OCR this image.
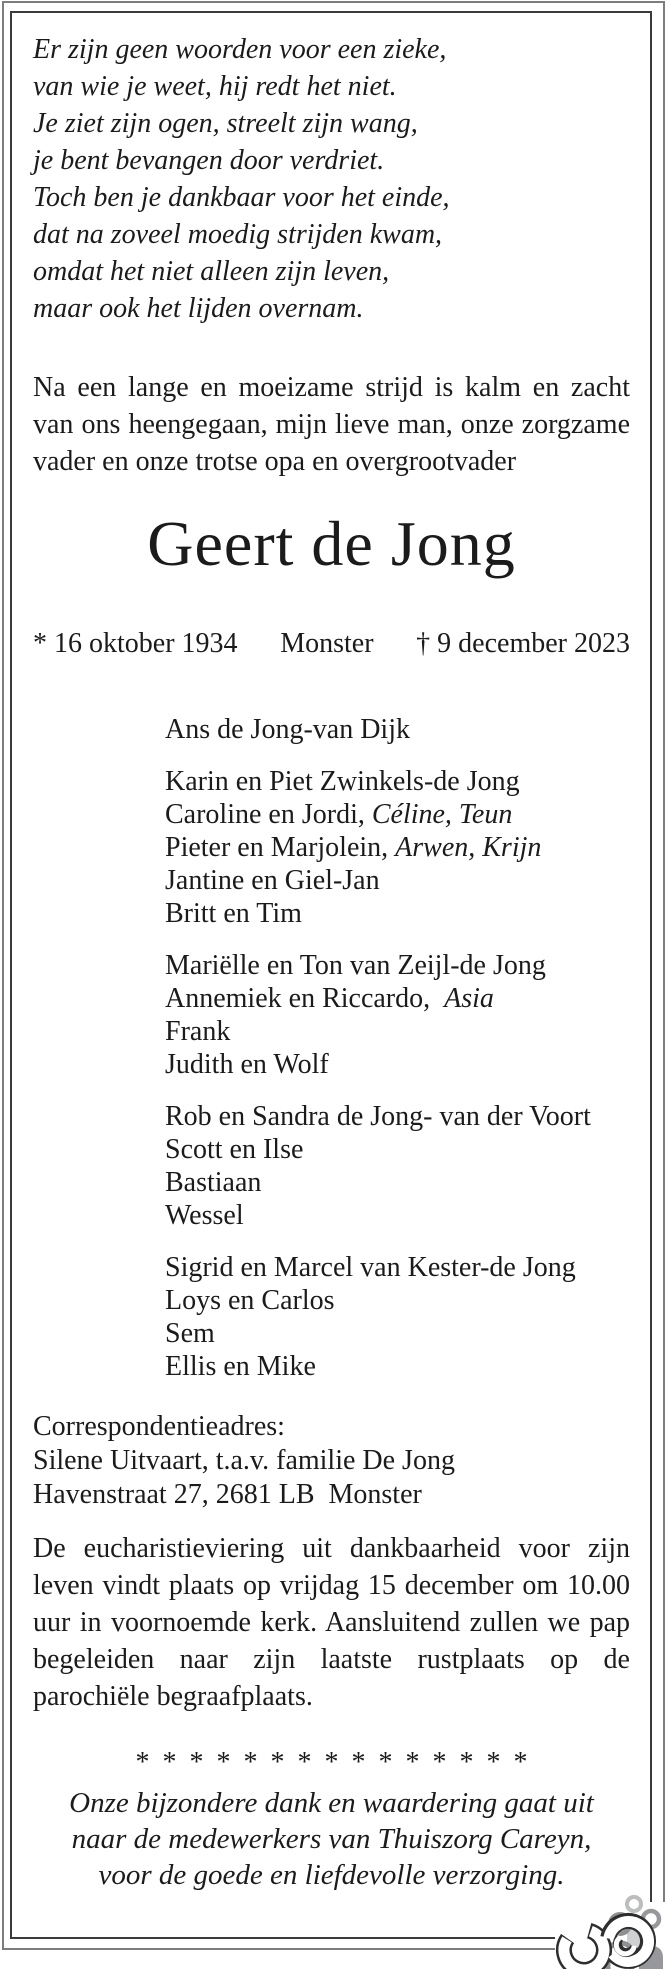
Er zijn geen woorden voor een zieke,
van wie je weet, hij redt het niet.
Je ziet zijn ogen, streelt zijn wang,
je bent bevangen door verdriet.
Toch ben je dankbaar voor het einde,
dat na zoveel moedig strijden kwam,
omdat het niet alleen zijn leven,
maar ook het lijden overnam.

Na een lange en moeizame strijd is kalm en zacht van ons heengegaan, mijn lieve man, onze zorgzame vader en onze trotse opa en overgrootvader

Geert de Jong
* 16 oktober 1934 Monster † 9 december 2023
Ans de Jong-van Dijk
Karin en Piet Zwinkels-de Jong
Caroline en Jordi, Céline, Teun
Pieter en Marjolein, Arwen, Krijn
Jantine en Giel-Jan
Britt en Tim
Mariëlle en Ton van Zeijl-de Jong
Annemiek en Riccardo,  Asia
Frank
Judith en Wolf
Rob en Sandra de Jong- van der Voort
Scott en Ilse
Bastiaan
Wessel
Sigrid en Marcel van Kester-de Jong
Loys en Carlos
Sem
Ellis en Mike
Correspondentieadres:
Silene Uitvaart, t.a.v. familie De Jong
Havenstraat 27, 2681 LB  Monster

De eucharistieviering uit dankbaarheid voor zijn leven vindt plaats op vrijdag 15 december om 10.00 uur in voornoemde kerk. Aansluitend zullen we pap begeleiden naar zijn laatste rustplaats op de parochiële begraafplaats.

* * * * * * * * * * * * * * *
Onze bijzondere dank en waardering gaat uit
naar de medewerkers van Thuiszorg Careyn,
voor de goede en liefdevolle verzorging.
